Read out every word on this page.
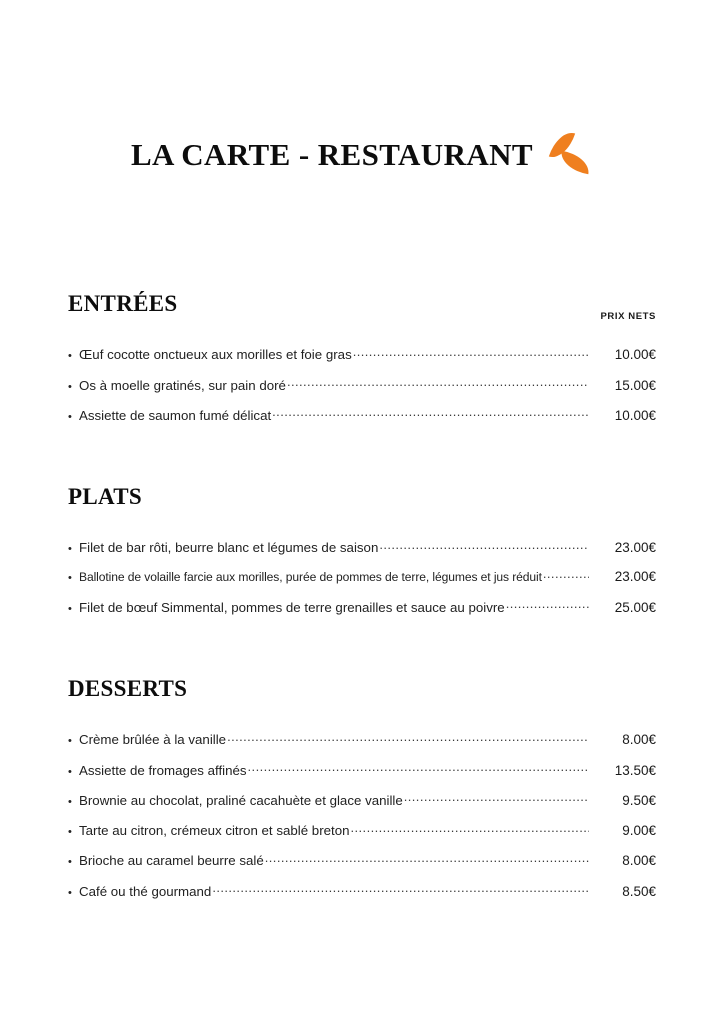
LA CARTE - RESTAURANT
ENTRÉES
PRIX NETS
• Œuf cocotte onctueux aux morilles et foie gras .....	10.00€
• Os à moelle gratinés, sur pain doré .....	15.00€
• Assiette de saumon fumé délicat .....	10.00€
PLATS
• Filet de bar rôti, beurre blanc et légumes de saison .....	23.00€
• Ballotine de volaille farcie aux morilles, purée de pommes de terre, légumes et jus réduit .....	23.00€
• Filet de bœuf Simmental, pommes de terre grenailles et sauce au poivre .....	25.00€
DESSERTS
• Crème brûlée à la vanille .....	8.00€
• Assiette de fromages affinés .....	13.50€
• Brownie au chocolat, praliné cacahuète et glace vanille .....	9.50€
• Tarte au citron, crémeux citron et sablé breton .....	9.00€
• Brioche au caramel beurre salé .....	8.00€
• Café ou thé gourmand .....	8.50€
